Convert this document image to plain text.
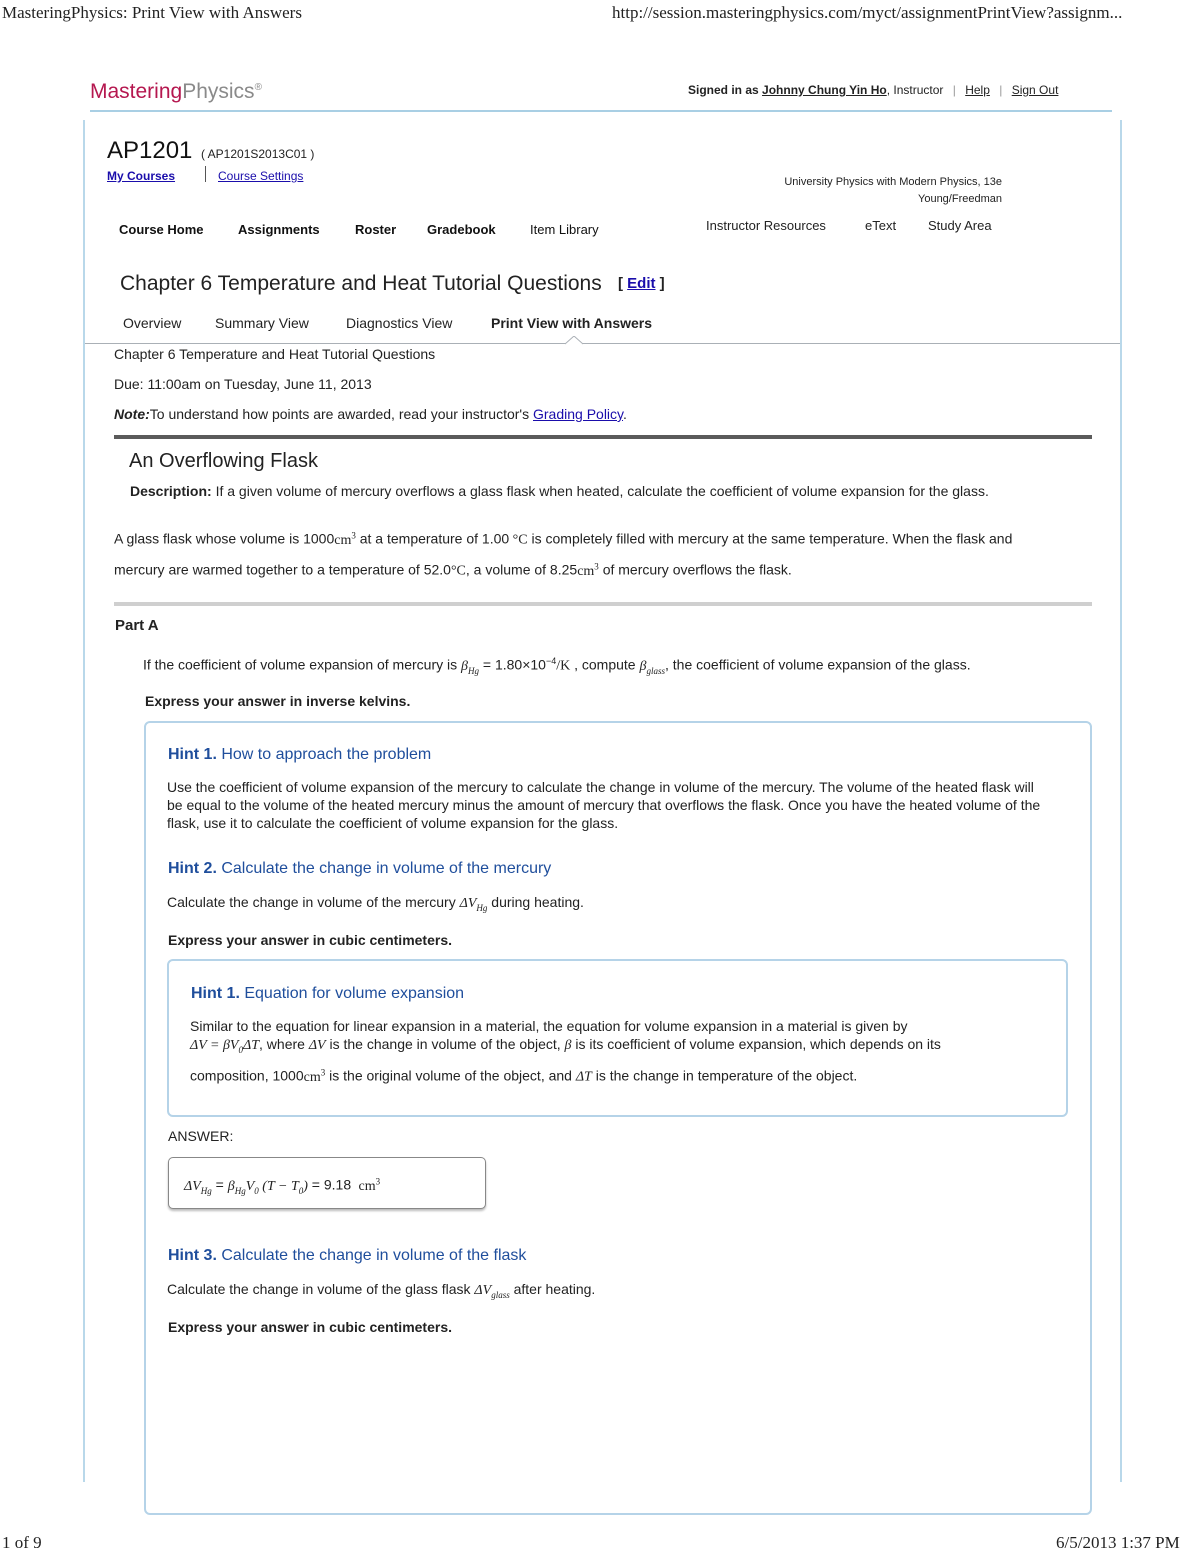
MasteringPhysics: Print View with Answers	http://session.masteringphysics.com/myct/assignmentPrintView?assignm...
1 of 9	6/5/2013 1:37 PM
MasteringPhysics®	Signed in as Johnny Chung Yin Ho, Instructor | Help | Sign Out
AP1201 ( AP1201S2013C01 )
My Courses	Course Settings	University Physics with Modern Physics, 13e
Young/Freedman
Course Home	Assignments	Roster Gradebook	Item Library	Instructor Resources	eText Study Area
Chapter 6 Temperature and Heat Tutorial Questions [ Edit ]
Overview Summary View	Diagnostics View	Print View with Answers
Chapter 6 Temperature and Heat Tutorial Questions
Due: 11:00am on Tuesday, June 11, 2013
Note:To understand how points are awarded, read your instructor's Grading Policy.
An Overflowing Flask
Description: If a given volume of mercury overflows a glass flask when heated, calculate the coefficient of volume expansion for the glass.
A glass flask whose volume is $1000cm^3$ at a temperature of 1.00 °C is completely filled with mercury at the same temperature. When the flask and
mercury are warmed together to a temperature of 52.0°C, a volume of $8.25cm^3$ of mercury overflows the flask.
Part A
If the coefficient of volume expansion of mercury is $\beta_{Hg} = 1.80\times 10^{-4}/K$ , compute $\beta_{glass}$, the coefficient of volume expansion of the glass.
Express your answer in inverse kelvins.
Hint 1. How to approach the problem
Use the coefficient of volume expansion of the mercury to calculate the change in volume of the mercury. The volume of the heated flask will be equal to the volume of the heated mercury minus the amount of mercury that overflows the flask. Once you have the heated volume of the flask, use it to calculate the coefficient of volume expansion for the glass.
Hint 2. Calculate the change in volume of the mercury
Calculate the change in volume of the mercury $\Delta V_{Hg}$ during heating.
Express your answer in cubic centimeters.
Hint 1. Equation for volume expansion
Similar to the equation for linear expansion in a material, the equation for volume expansion in a material is given by
$\Delta V = \beta V_0\Delta T$, where ΔV is the change in volume of the object, β is its coefficient of volume expansion, which depends on its
composition, $1000cm^3$ is the original volume of the object, and ΔT is the change in temperature of the object.
ANSWER:
$\Delta V_{Hg} = \beta_{Hg}V_0$ $(T - T_0) = 9.18$  $cm^3$
Hint 3. Calculate the change in volume of the flask
Calculate the change in volume of the glass flask $\Delta V_{glass}$ after heating.
Express your answer in cubic centimeters.
